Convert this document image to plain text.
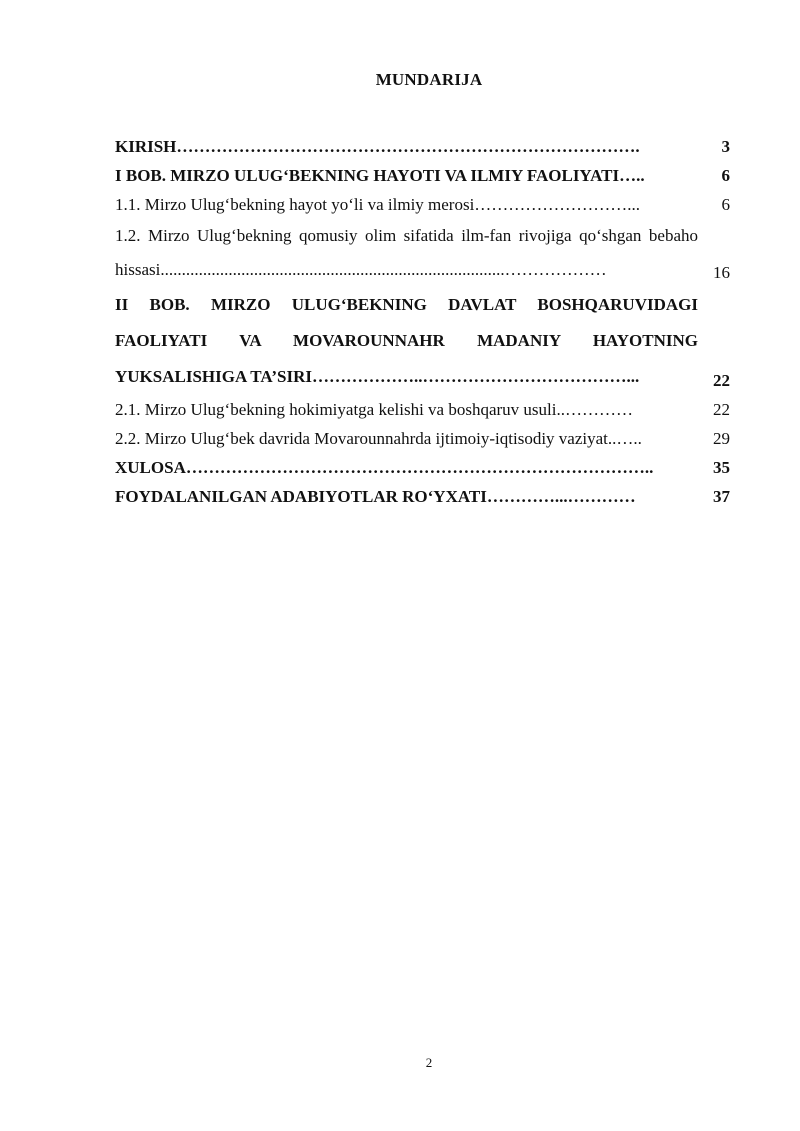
MUNDARIJA
KIRISH……………………………………………………………………….	3
I BOB. MIRZO ULUG‘BEKNING HAYOTI VA ILMIY FAOLIYATI…..	6
1.1. Mirzo Ulug‘bekning hayot yo‘li va ilmiy merosi………………………...	6
1.2. Mirzo Ulug‘bekning qomusiy olim sifatida ilm-fan rivojiga qo‘shgan bebaho hissasi.................................................................................………………	16
II BOB. MIRZO ULUG‘BEKNING DAVLAT BOSHQARUVIDAGI FAOLIYATI VA MOVAROUNNAHR MADANIY HAYOTNING YUKSALISHIGA TA’SIRI………………..………………………………...	22
2.1. Mirzo Ulug‘bekning hokimiyatga kelishi va boshqaruv usuli..…………	22
2.2. Mirzo Ulug‘bek davrida Movarounnahrda ijtimoiy-iqtisodiy vaziyat..…..	29
XULOSA………………………………………………………………………..	35
FOYDALANILGAN ADABIYOTLAR RO‘YXATI…………...…………	37
2
